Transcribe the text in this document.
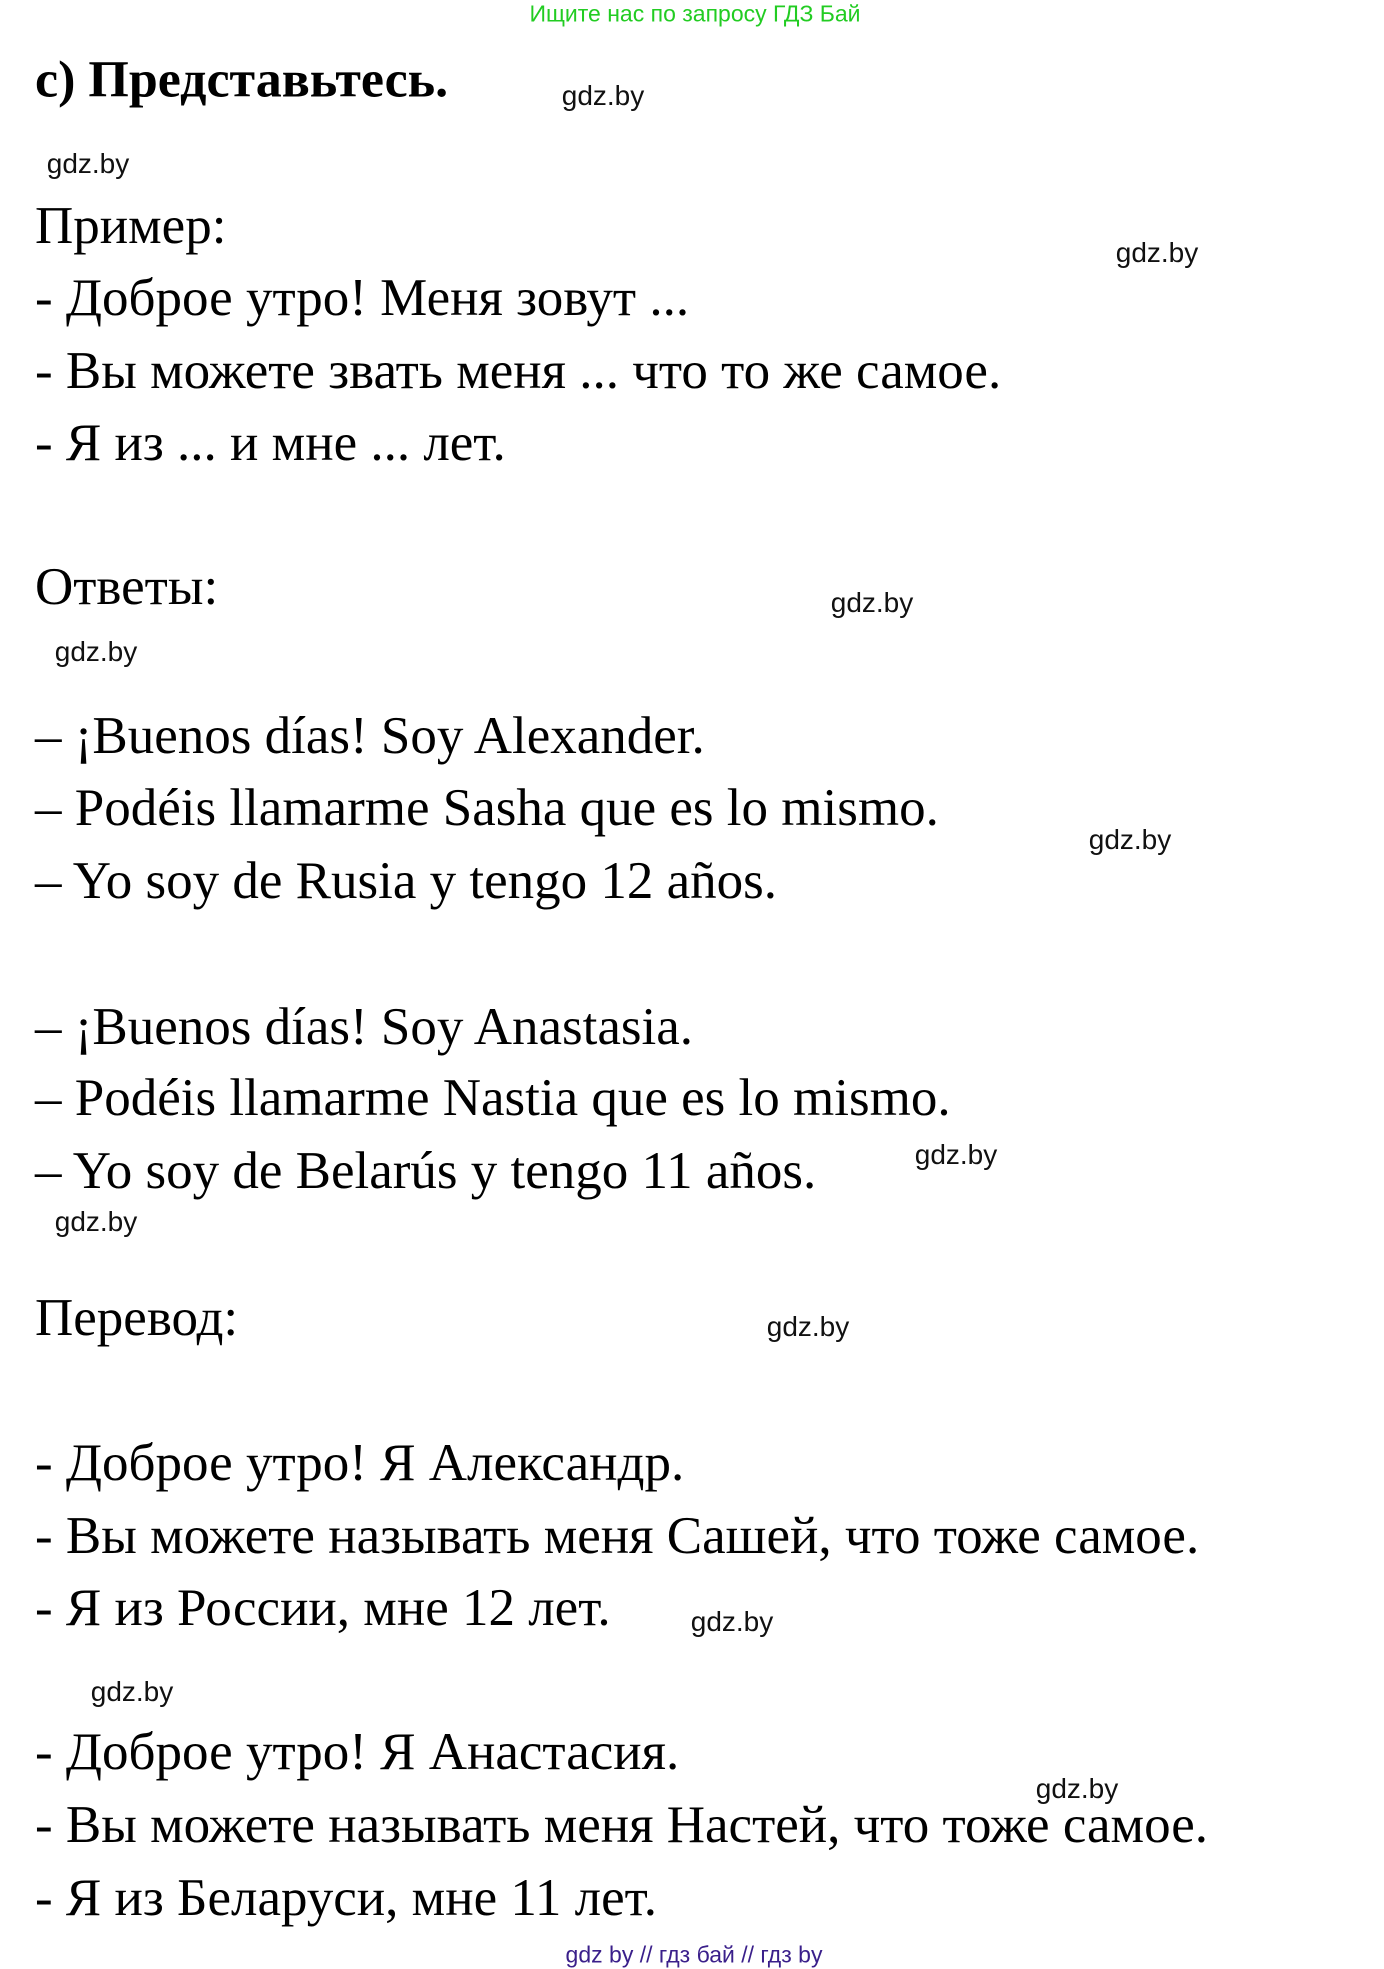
Ищите нас по запросу ГДЗ Бай
c) Представьтесь.
Пример:
- Доброе утро! Меня зовут ...
- Вы можете звать меня ... что то же самое.
- Я из ... и мне ... лет.
Ответы:
– ¡Buenos días! Soy Alexander.
– Podéis llamarme Sasha que es lo mismo.
– Yo soy de Rusia y tengo 12 años.
– ¡Buenos días! Soy Anastasia.
– Podéis llamarme Nastia que es lo mismo.
– Yo soy de Belarús y tengo 11 años.
Перевод:
- Доброе утро! Я Александр.
- Вы можете называть меня Сашей, что тоже самое.
- Я из России, мне 12 лет.
- Доброе утро! Я Анастасия.
- Вы можете называть меня Настей, что тоже самое.
- Я из Беларуси, мне 11 лет.
gdz.by
gdz.by
gdz.by
gdz.by
gdz.by
gdz.by
gdz.by
gdz.by
gdz.by
gdz.by
gdz.by
gdz.by
gdz by // гдз бай // гдз by
